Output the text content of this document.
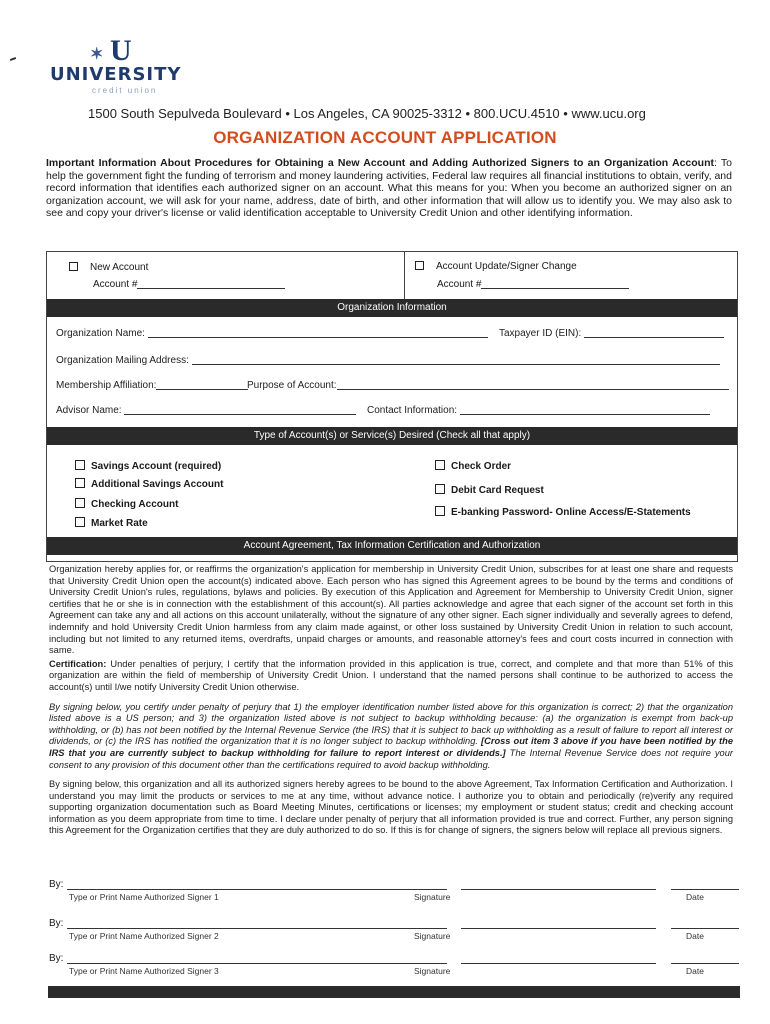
✶ U
UNIVERSITY
credit union
1500 South Sepulveda Boulevard • Los Angeles, CA 90025-3312 • 800.UCU.4510 • www.ucu.org
ORGANIZATION ACCOUNT APPLICATION
Important Information About Procedures for Obtaining a New Account and Adding Authorized Signers to an Organization Account: To help the government fight the funding of terrorism and money laundering activities, Federal law requires all financial institutions to obtain, verify, and record information that identifies each authorized signer on an account. What this means for you: When you become an authorized signer on an organization account, we will ask for your name, address, date of birth, and other information that will allow us to identify you. We may also ask to see and copy your driver's license or valid identification acceptable to University Credit Union and other identifying information.
New Account
Account #
Account Update/Signer Change
Account #
Organization Information
Organization Name:	Taxpayer ID (EIN):
Organization Mailing Address:
Membership Affiliation:	Purpose of Account:
Advisor Name:	Contact Information:
Type of Account(s) or Service(s) Desired (Check all that apply)
Savings Account (required)
Additional Savings Account
Checking Account
Market Rate
Check Order
Debit Card Request
E-banking Password- Online Access/E-Statements
Account Agreement, Tax Information Certification and Authorization

Organization hereby applies for, or reaffirms the organization's application for membership in University Credit Union, subscribes for at least one share and requests that University Credit Union open the account(s) indicated above. Each person who has signed this Agreement agrees to be bound by the terms and conditions of University Credit Union's rules, regulations, bylaws and policies. By execution of this Application and Agreement for Membership to University Credit Union, signer certifies that he or she is in connection with the establishment of this account(s). All parties acknowledge and agree that each signer of the account set forth in this Agreement can take any and all actions on this account unilaterally, without the signature of any other signer. Each signer individually and severally agrees to defend, indemnify and hold University Credit Union harmless from any claim made against, or other loss sustained by University Credit Union in relation to such account, including but not limited to any returned items, overdrafts, unpaid charges or amounts, and reasonable attorney's fees and court costs incurred in connection with same.

Certification: Under penalties of perjury, I certify that the information provided in this application is true, correct, and complete and that more than 51% of this organization are within the field of membership of University Credit Union. I understand that the named persons shall continue to be authorized to access the account(s) until I/we notify University Credit Union otherwise.

By signing below, you certify under penalty of perjury that 1) the employer identification number listed above for this organization is correct; 2) that the organization listed above is a US person; and 3) the organization listed above is not subject to backup withholding because: (a) the organization is exempt from back-up withholding, or (b) has not been notified by the Internal Revenue Service (the IRS) that it is subject to back up withholding as a result of failure to report all interest or dividends, or (c) the IRS has notified the organization that it is no longer subject to backup withholding. [Cross out item 3 above if you have been notified by the IRS that you are currently subject to backup withholding for failure to report interest or dividends.] The Internal Revenue Service does not require your consent to any provision of this document other than the certifications required to avoid backup withholding.

By signing below, this organization and all its authorized signers hereby agrees to be bound to the above Agreement, Tax Information Certification and Authorization. I understand you may limit the products or services to me at any time, without advance notice. I authorize you to obtain and periodically (re)verify any required supporting organization documentation such as Board Meeting Minutes, certifications or licenses; my employment or student status; credit and checking account information as you deem appropriate from time to time. I declare under penalty of perjury that all information provided is true and correct. Further, any person signing this Agreement for the Organization certifies that they are duly authorized to do so. If this is for change of signers, the signers below will replace all previous signers.

By:
Type or Print Name Authorized Signer 1	Signature	Date
By:
Type or Print Name Authorized Signer 2	Signature	Date
By:
Type or Print Name Authorized Signer 3	Signature	Date
